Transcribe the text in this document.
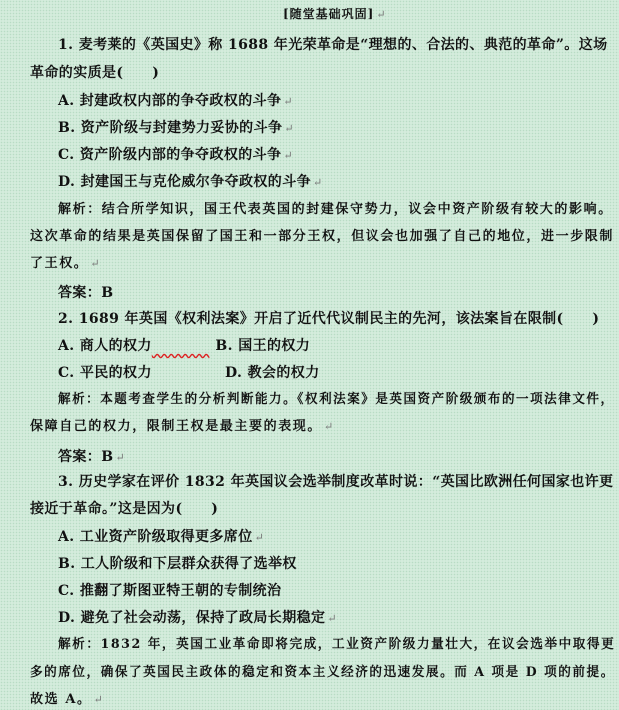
[随堂基础巩固] ↵
1. 麦考莱的《英国史》称 1688 年光荣革命是“理想的、合法的、典范的革命”。这场
革命的实质是(　　)
A. 封建政权内部的争夺政权的斗争 ↵
B. 资产阶级与封建势力妥协的斗争 ↵
C. 资产阶级内部的争夺政权的斗争 ↵
D. 封建国王与克伦威尔争夺政权的斗争 ↵
解析：结合所学知识，国王代表英国的封建保守势力，议会中资产阶级有较大的影响。
这次革命的结果是英国保留了国王和一部分王权，但议会也加强了自己的地位，进一步限制
了王权。 ↵
答案：B
2. 1689 年英国《权利法案》开启了近代代议制民主的先河，该法案旨在限制(　　)
A. 商人的权力　　　　	B. 国王的权力
C. 平民的权力	D. 教会的权力
解析：本题考查学生的分析判断能力。《权利法案》是英国资产阶级颁布的一项法律文件，
保障自己的权力，限制王权是最主要的表现。 ↵
答案：B ↵
3. 历史学家在评价 1832 年英国议会选举制度改革时说：“英国比欧洲任何国家也许更
接近于革命。”这是因为(　　)
A. 工业资产阶级取得更多席位 ↵
B. 工人阶级和下层群众获得了选举权
C. 推翻了斯图亚特王朝的专制统治
D. 避免了社会动荡，保持了政局长期稳定 ↵
解析：1832 年，英国工业革命即将完成，工业资产阶级力量壮大，在议会选举中取得更
多的席位，确保了英国民主政体的稳定和资本主义经济的迅速发展。而 A 项是 D 项的前提。
故选 A。 ↵
